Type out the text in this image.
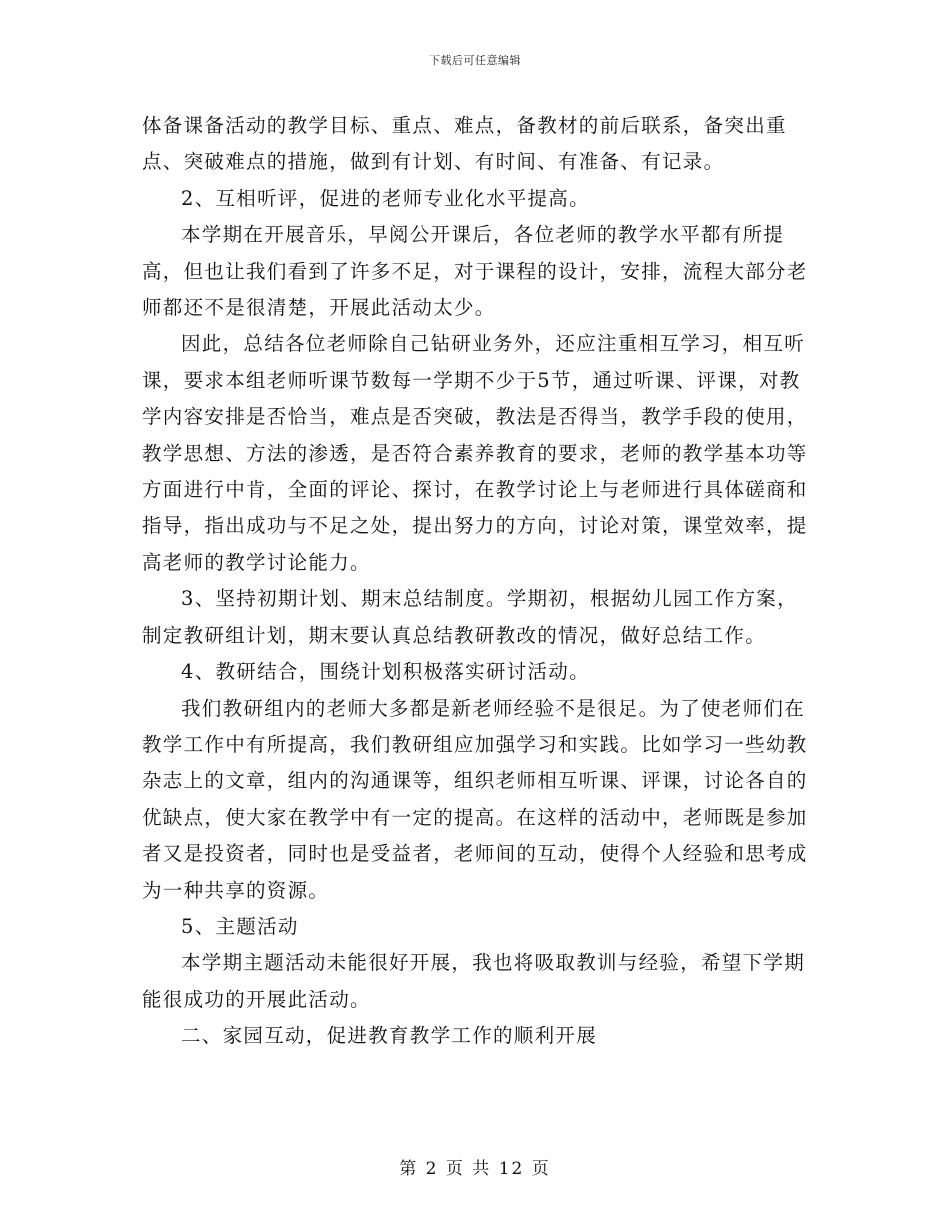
下载后可任意编辑

体备课备活动的教学目标、重点、难点，备教材的前后联系，备突出重点、突破难点的措施，做到有计划、有时间、有准备、有记录。

2、互相听评，促进的老师专业化水平提高。

本学期在开展音乐，早阅公开课后，各位老师的教学水平都有所提高，但也让我们看到了许多不足，对于课程的设计，安排，流程大部分老师都还不是很清楚，开展此活动太少。

因此，总结各位老师除自己钻研业务外，还应注重相互学习，相互听课，要求本组老师听课节数每一学期不少于5节，通过听课、评课，对教学内容安排是否恰当，难点是否突破，教法是否得当，教学手段的使用，教学思想、方法的渗透，是否符合素养教育的要求，老师的教学基本功等方面进行中肯，全面的评论、探讨，在教学讨论上与老师进行具体磋商和指导，指出成功与不足之处，提出努力的方向，讨论对策，课堂效率，提高老师的教学讨论能力。

3、坚持初期计划、期末总结制度。学期初，根据幼儿园工作方案，制定教研组计划，期末要认真总结教研教改的情况，做好总结工作。

4、教研结合，围绕计划积极落实研讨活动。

我们教研组内的老师大多都是新老师经验不是很足。为了使老师们在教学工作中有所提高，我们教研组应加强学习和实践。比如学习一些幼教杂志上的文章，组内的沟通课等，组织老师相互听课、评课，讨论各自的优缺点，使大家在教学中有一定的提高。在这样的活动中，老师既是参加者又是投资者，同时也是受益者，老师间的互动，使得个人经验和思考成为一种共享的资源。

5、主题活动

本学期主题活动未能很好开展，我也将吸取教训与经验，希望下学期能很成功的开展此活动。

二、家园互动，促进教育教学工作的顺利开展

第 2 页 共 12 页
